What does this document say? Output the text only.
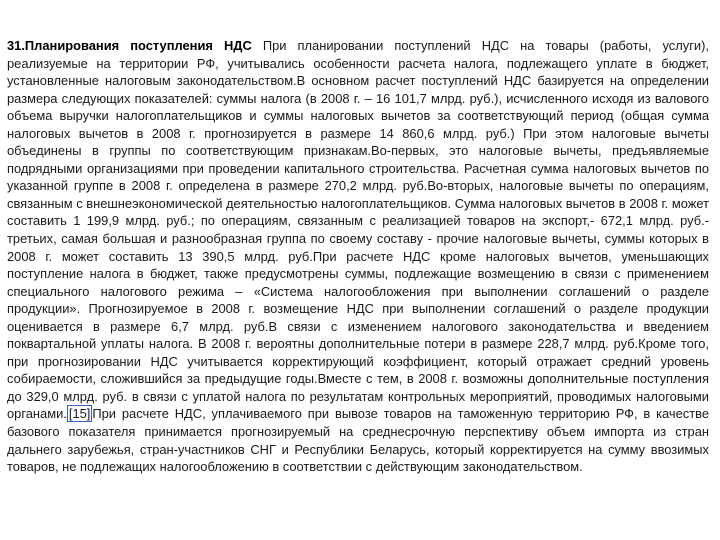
31.Планирования поступления НДС При планировании поступлений НДС на товары (работы, услуги), реализуемые на территории РФ, учитывались особенности расчета налога, подлежащего уплате в бюджет, установленные налоговым законодательством.В основном расчет поступлений НДС базируется на определении размера следующих показателей: суммы налога (в 2008 г. – 16 101,7 млрд. руб.), исчисленного исходя из валового объема выручки налогоплательщиков и суммы налоговых вычетов за соответствующий период (общая сумма налоговых вычетов в 2008 г. прогнозируется в размере 14 860,6 млрд. руб.) При этом налоговые вычеты объединены в группы по соответствующим признакам.Во-первых, это налоговые вычеты, предъявляемые подрядными организациями при проведении капитального строительства. Расчетная сумма налоговых вычетов по указанной группе в 2008 г. определена в размере 270,2 млрд. руб.Во-вторых, налоговые вычеты по операциям, связанным с внешнеэкономической деятельностью налогоплательщиков. Сумма налоговых вычетов в 2008 г. может составить 1 199,9 млрд. руб.; по операциям, связанным с реализацией товаров на экспорт,- 672,1 млрд. руб.-третьих, самая большая и разнообразная группа по своему составу - прочие налоговые вычеты, суммы которых в 2008 г. может составить 13 390,5 млрд. руб.При расчете НДС кроме налоговых вычетов, уменьшающих поступление налога в бюджет, также предусмотрены суммы, подлежащие возмещению в связи с применением специального налогового режима – «Система налогообложения при выполнении соглашений о разделе продукции». Прогнозируемое в 2008 г. возмещение НДС при выполнении соглашений о разделе продукции оценивается в размере 6,7 млрд. руб.В связи с изменением налогового законодательства и введением поквартальной уплаты налога. В 2008 г. вероятны дополнительные потери в размере 228,7 млрд. руб.Кроме того, при прогнозировании НДС учитывается корректирующий коэффициент, который отражает средний уровень собираемости, сложившийся за предыдущие годы.Вместе с тем, в 2008 г. возможны дополнительные поступления до 329,0 млрд. руб. в связи с уплатой налога по результатам контрольных мероприятий, проводимых налоговыми органами. [15] При расчете НДС, уплачиваемого при вывозе товаров на таможенную территорию РФ, в качестве базового показателя принимается прогнозируемый на среднесрочную перспективу объем импорта из стран дальнего зарубежья, стран-участников СНГ и Республики Беларусь, который корректируется на сумму ввозимых товаров, не подлежащих налогообложению в соответствии с действующим законодательством.
